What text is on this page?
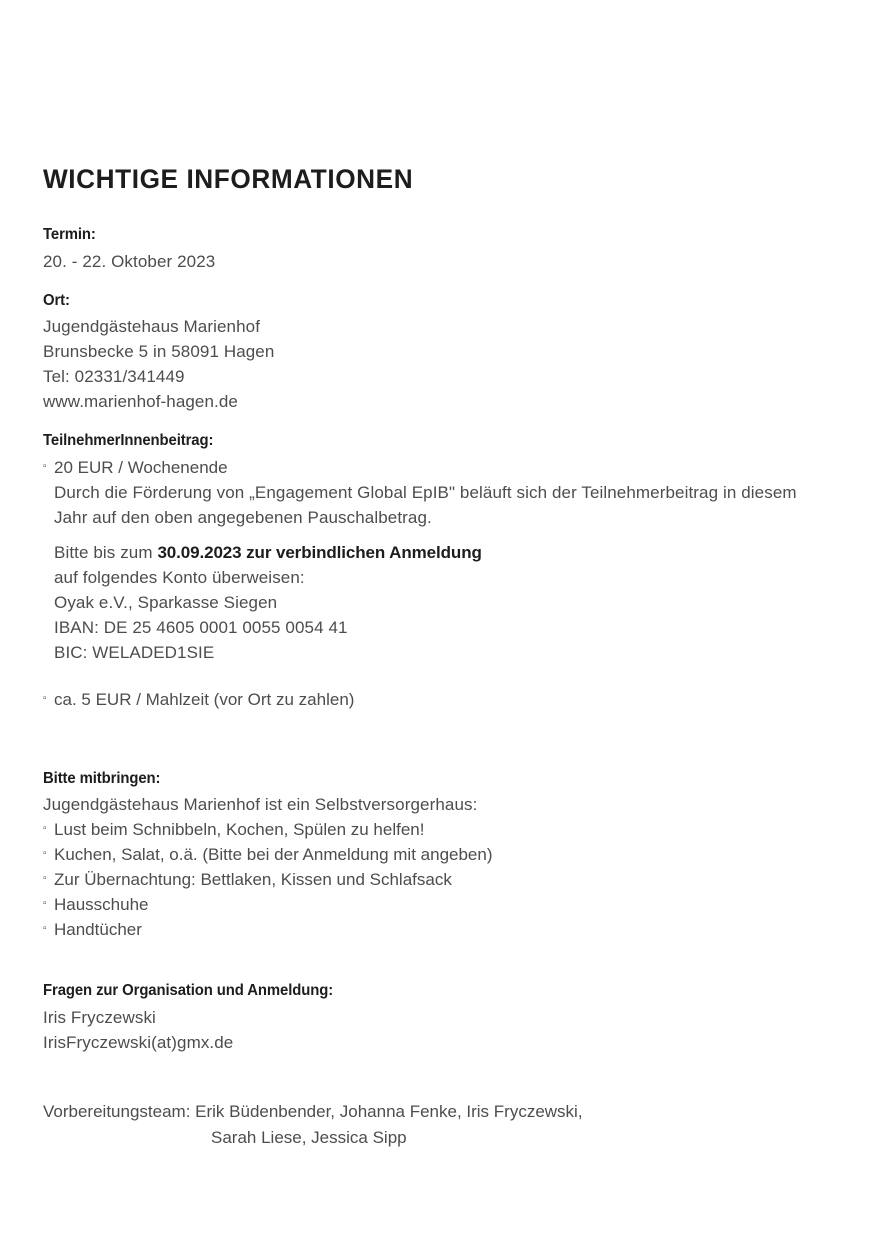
WICHTIGE INFORMATIONEN
Termin:
20. - 22. Oktober 2023
Ort:
Jugendgästehaus Marienhof
Brunsbecke 5 in 58091 Hagen
Tel: 02331/341449
www.marienhof-hagen.de
TeilnehmerInnenbeitrag:
▫ 20 EUR / Wochenende
Durch die Förderung von „Engagement Global EpIB" beläuft sich der Teilnehmerbeitrag in diesem Jahr auf den oben angegebenen Pauschalbetrag.
Bitte bis zum 30.09.2023 zur verbindlichen Anmeldung
auf folgendes Konto überweisen:
Oyak e.V., Sparkasse Siegen
IBAN: DE 25 4605 0001 0055 0054 41
BIC: WELADED1SIE
▫ ca. 5 EUR / Mahlzeit (vor Ort zu zahlen)
Bitte mitbringen:
Jugendgästehaus Marienhof ist ein Selbstversorgerhaus:
▫ Lust beim Schnibbeln, Kochen, Spülen zu helfen!
▫ Kuchen, Salat, o.ä. (Bitte bei der Anmeldung mit angeben)
▫ Zur Übernachtung: Bettlaken, Kissen und Schlafsack
▫ Hausschuhe
▫ Handtücher
Fragen zur Organisation und Anmeldung:
Iris Fryczewski
IrisFryczewski(at)gmx.de
Vorbereitungsteam: Erik Büdenbender, Johanna Fenke, Iris Fryczewski,
Sarah Liese, Jessica Sipp
